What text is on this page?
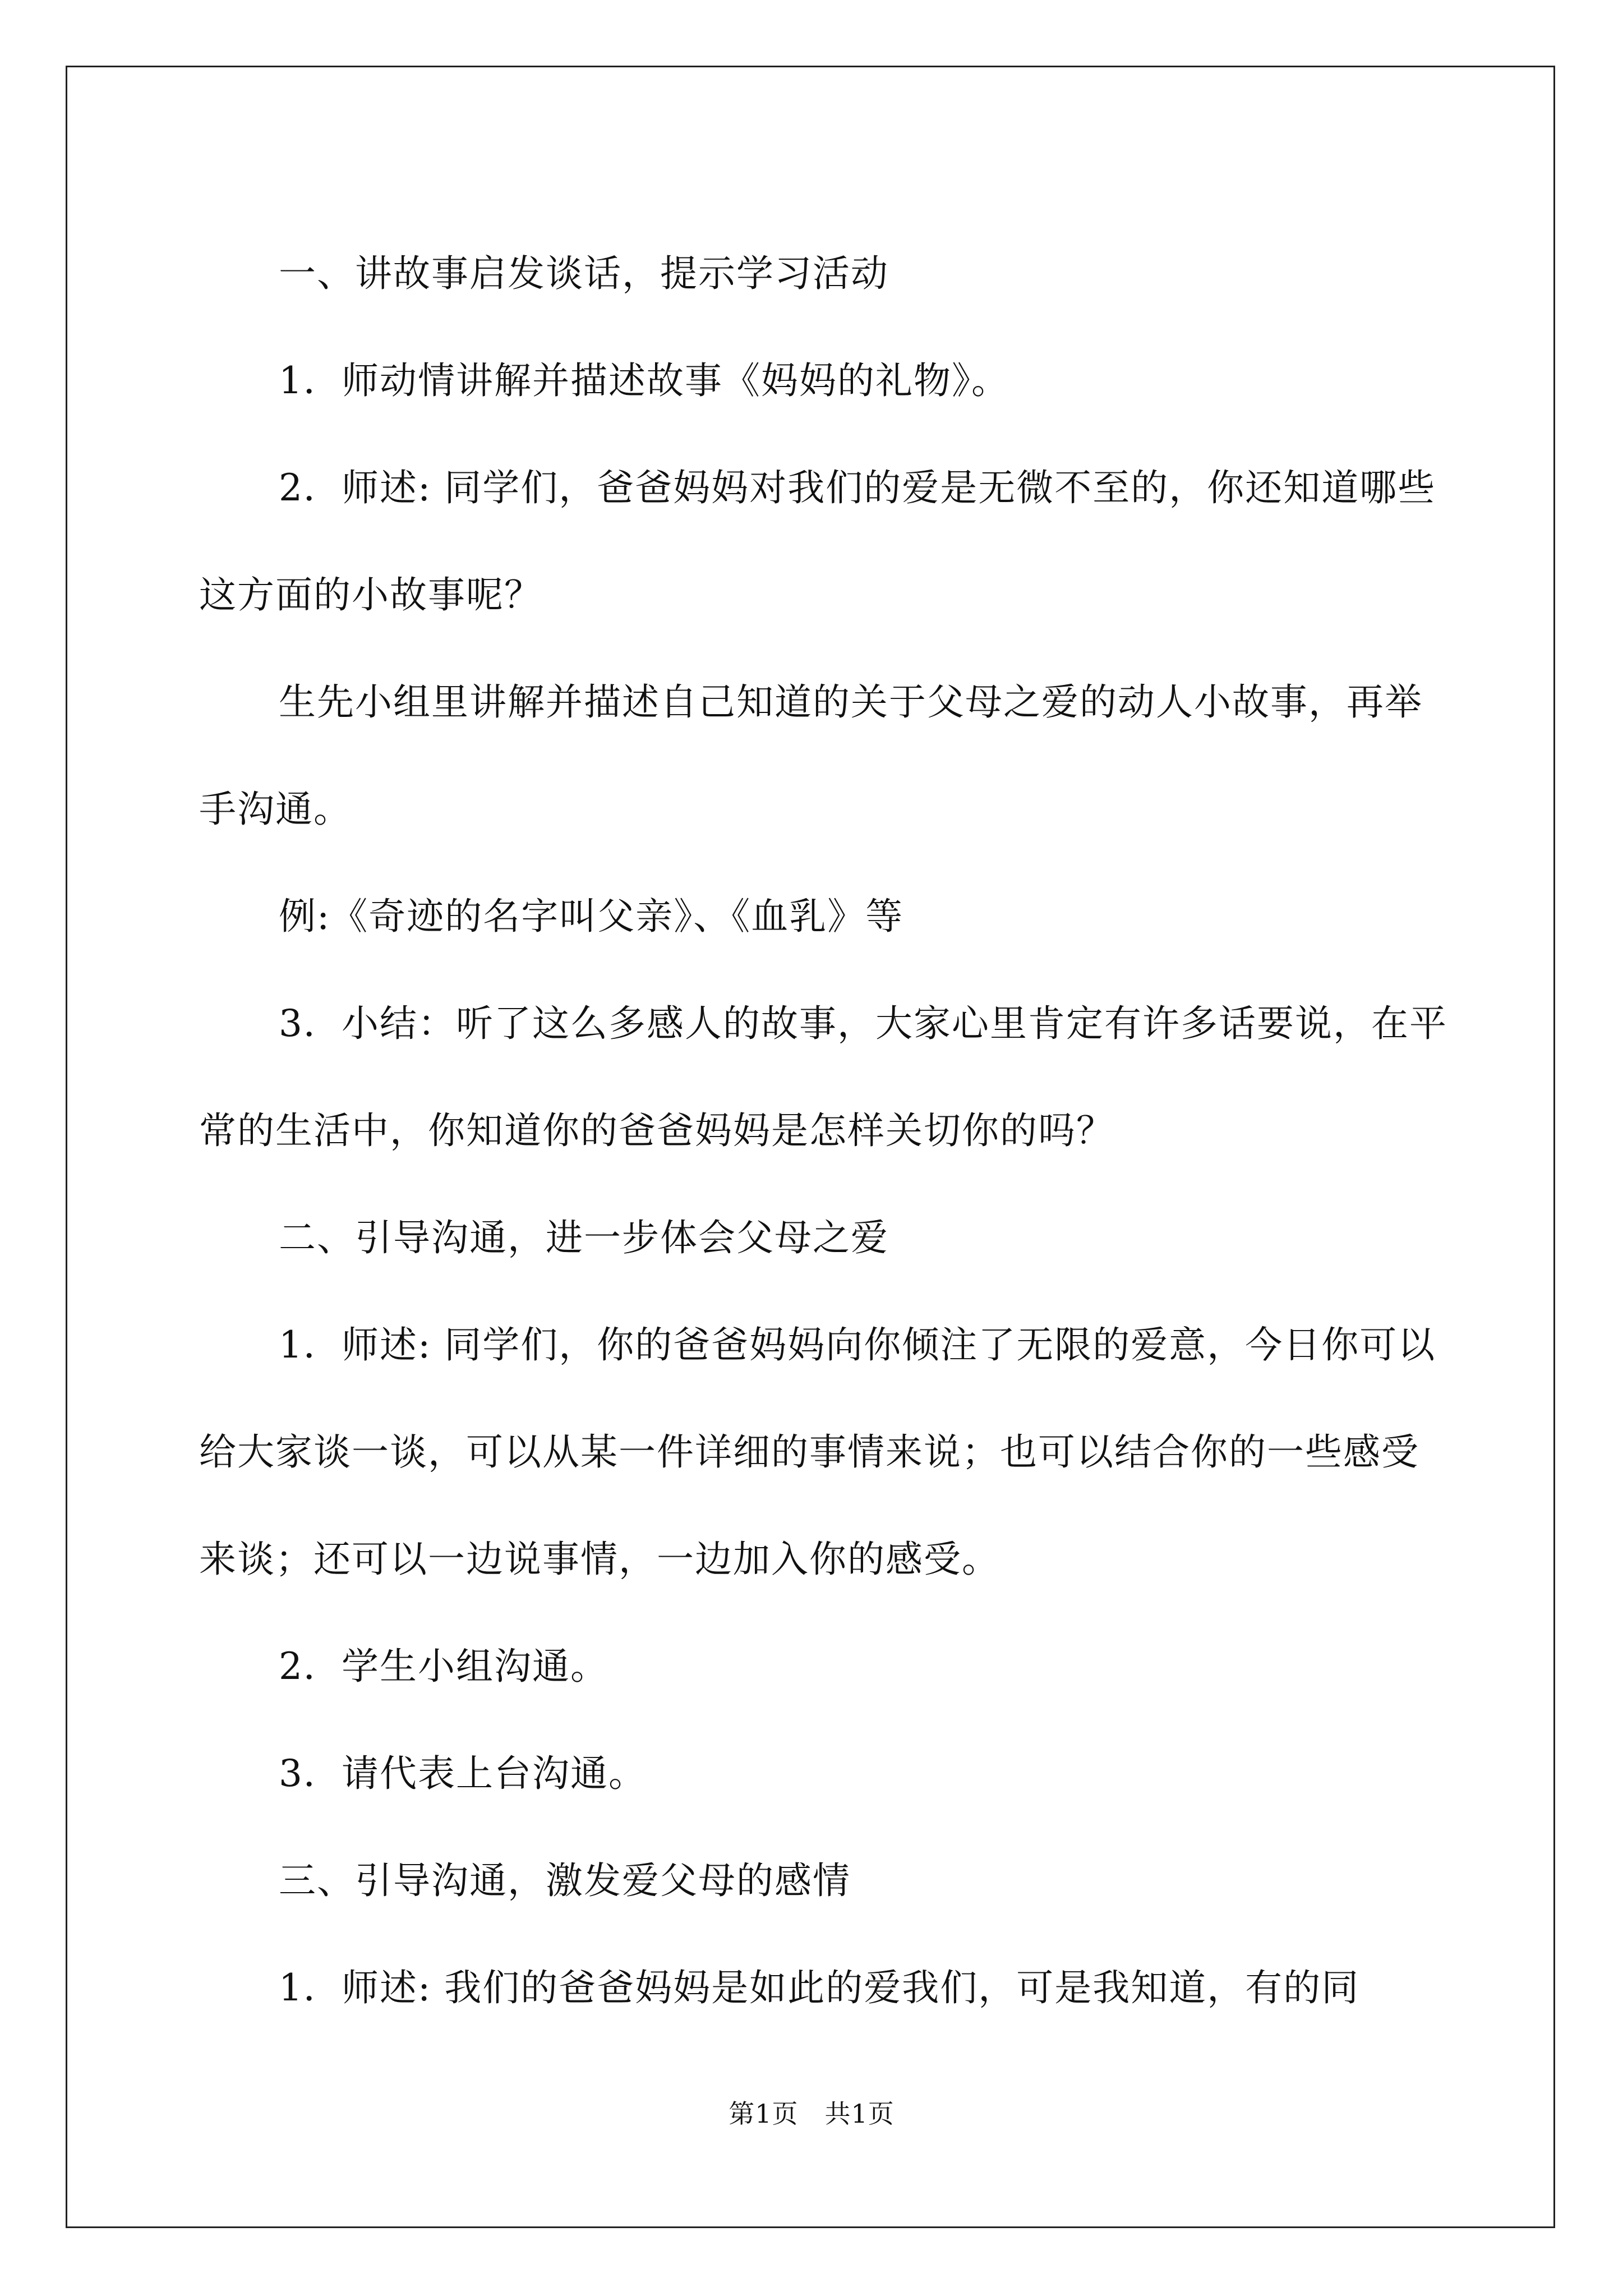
一、讲故事启发谈话，提示学习活动

1．师动情讲解并描述故事《妈妈的礼物》。

2．师述: 同学们，爸爸妈妈对我们的爱是无微不至的，你还知道哪些这方面的小故事呢？

生先小组里讲解并描述自己知道的关于父母之爱的动人小故事，再举手沟通。

例:《奇迹的名字叫父亲》、《血乳》等

3．小结：听了这么多感人的故事，大家心里肯定有许多话要说，在平常的生活中，你知道你的爸爸妈妈是怎样关切你的吗？

二、引导沟通，进一步体会父母之爱

1．师述: 同学们，你的爸爸妈妈向你倾注了无限的爱意，今日你可以给大家谈一谈，可以从某一件详细的事情来说；也可以结合你的一些感受来谈；还可以一边说事情，一边加入你的感受。

2．学生小组沟通。

3．请代表上台沟通。

三、引导沟通，激发爱父母的感情

1．师述: 我们的爸爸妈妈是如此的爱我们，可是我知道，有的同

第1页　共1页
